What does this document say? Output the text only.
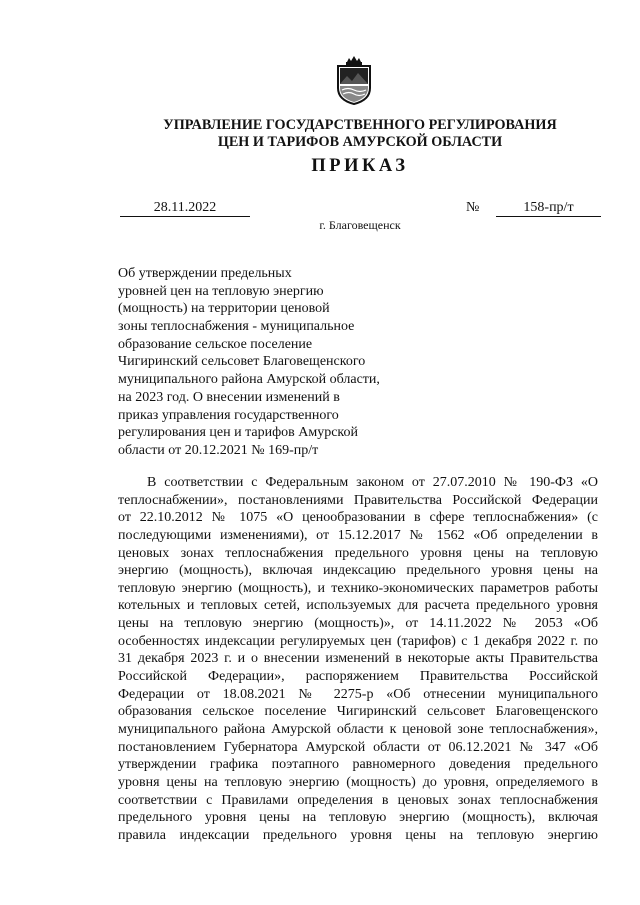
УПРАВЛЕНИЕ ГОСУДАРСТВЕННОГО РЕГУЛИРОВАНИЯ
ЦЕН И ТАРИФОВ АМУРСКОЙ ОБЛАСТИ
ПРИКАЗ
28.11.2022	№	158-пр/т
г. Благовещенск
Об утверждении предельных
уровней цен на тепловую энергию
(мощность) на территории ценовой
зоны теплоснабжения - муниципальное
образование сельское поселение
Чигиринский сельсовет Благовещенского
муниципального района Амурской области,
на 2023 год. О внесении изменений в
приказ управления государственного
регулирования цен и тарифов Амурской
области от 20.12.2021 № 169-пр/т
В соответствии с Федеральным законом от 27.07.2010 № 190-ФЗ «О
теплоснабжении», постановлениями Правительства Российской Федерации
от 22.10.2012 № 1075 «О ценообразовании в сфере теплоснабжения» (с
последующими изменениями), от 15.12.2017 № 1562 «Об определении в
ценовых зонах теплоснабжения предельного уровня цены на тепловую
энергию (мощность), включая индексацию предельного уровня цены на
тепловую энергию (мощность), и технико-экономических параметров работы
котельных и тепловых сетей, используемых для расчета предельного уровня
цены на тепловую энергию (мощность)», от 14.11.2022 № 2053 «Об
особенностях индексации регулируемых цен (тарифов) с 1 декабря 2022 г. по
31 декабря 2023 г. и о внесении изменений в некоторые акты Правительства
Российской Федерации», распоряжением Правительства Российской
Федерации от 18.08.2021 № 2275-р «Об отнесении муниципального
образования сельское поселение Чигиринский сельсовет Благовещенского
муниципального района Амурской области к ценовой зоне теплоснабжения»,
постановлением Губернатора Амурской области от 06.12.2021 № 347 «Об
утверждении графика поэтапного равномерного доведения предельного
уровня цены на тепловую энергию (мощность) до уровня, определяемого в
соответствии с Правилами определения в ценовых зонах теплоснабжения
предельного уровня цены на тепловую энергию (мощность), включая
правила индексации предельного уровня цены на тепловую энергию
